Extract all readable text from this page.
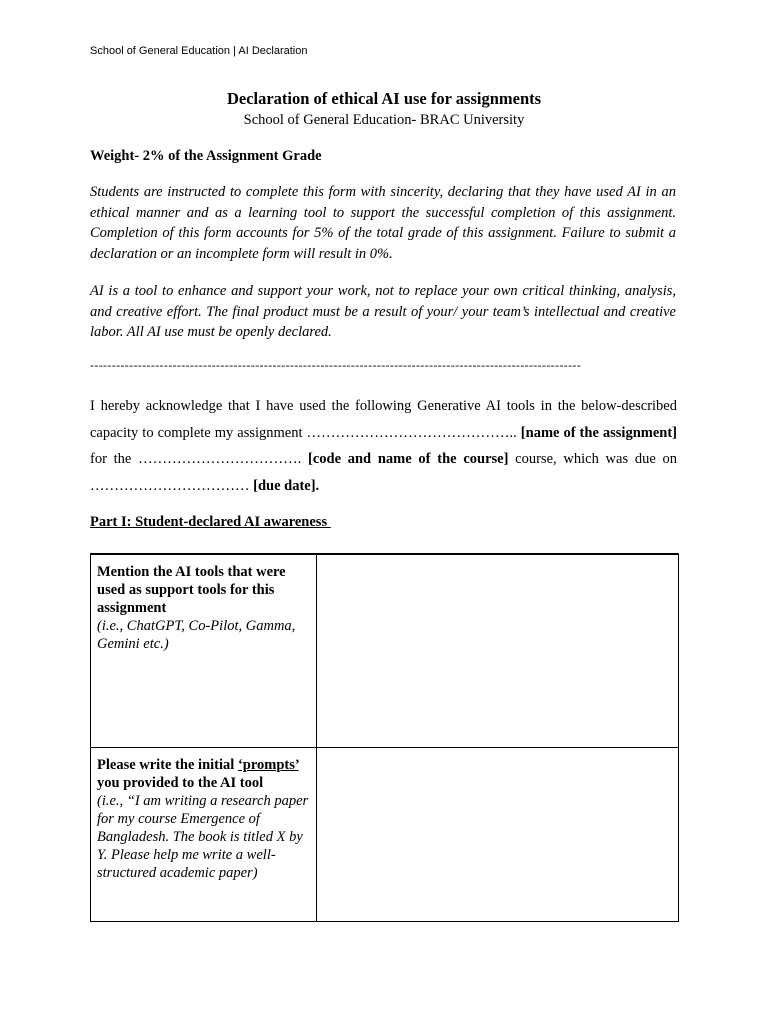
School of General Education | AI Declaration
Declaration of ethical AI use for assignments
School of General Education- BRAC University
Weight- 2% of the Assignment Grade
Students are instructed to complete this form with sincerity, declaring that they have used AI in an ethical manner and as a learning tool to support the successful completion of this assignment. Completion of this form accounts for 5% of the total grade of this assignment. Failure to submit a declaration or an incomplete form will result in 0%.
AI is a tool to enhance and support your work, not to replace your own critical thinking, analysis, and creative effort. The final product must be a result of your/ your team’s intellectual and creative labor. All AI use must be openly declared.
-----------------------------------------------------------------------------------------------------------------
I hereby acknowledge that I have used the following Generative AI tools in the below-described capacity to complete my assignment …………………………………….. [name of the assignment] for the ……………………………. [code and name of the course] course, which was due on …………………………… [due date].
Part I: Student-declared AI awareness
Mention the AI tools that were used as support tools for this assignment
(i.e., ChatGPT, Co-Pilot, Gamma, Gemini etc.)	

Please write the initial ‘prompts’ you provided to the AI tool
(i.e., “I am writing a research paper for my course Emergence of Bangladesh. The book is titled X by Y. Please help me write a well-structured academic paper)	
